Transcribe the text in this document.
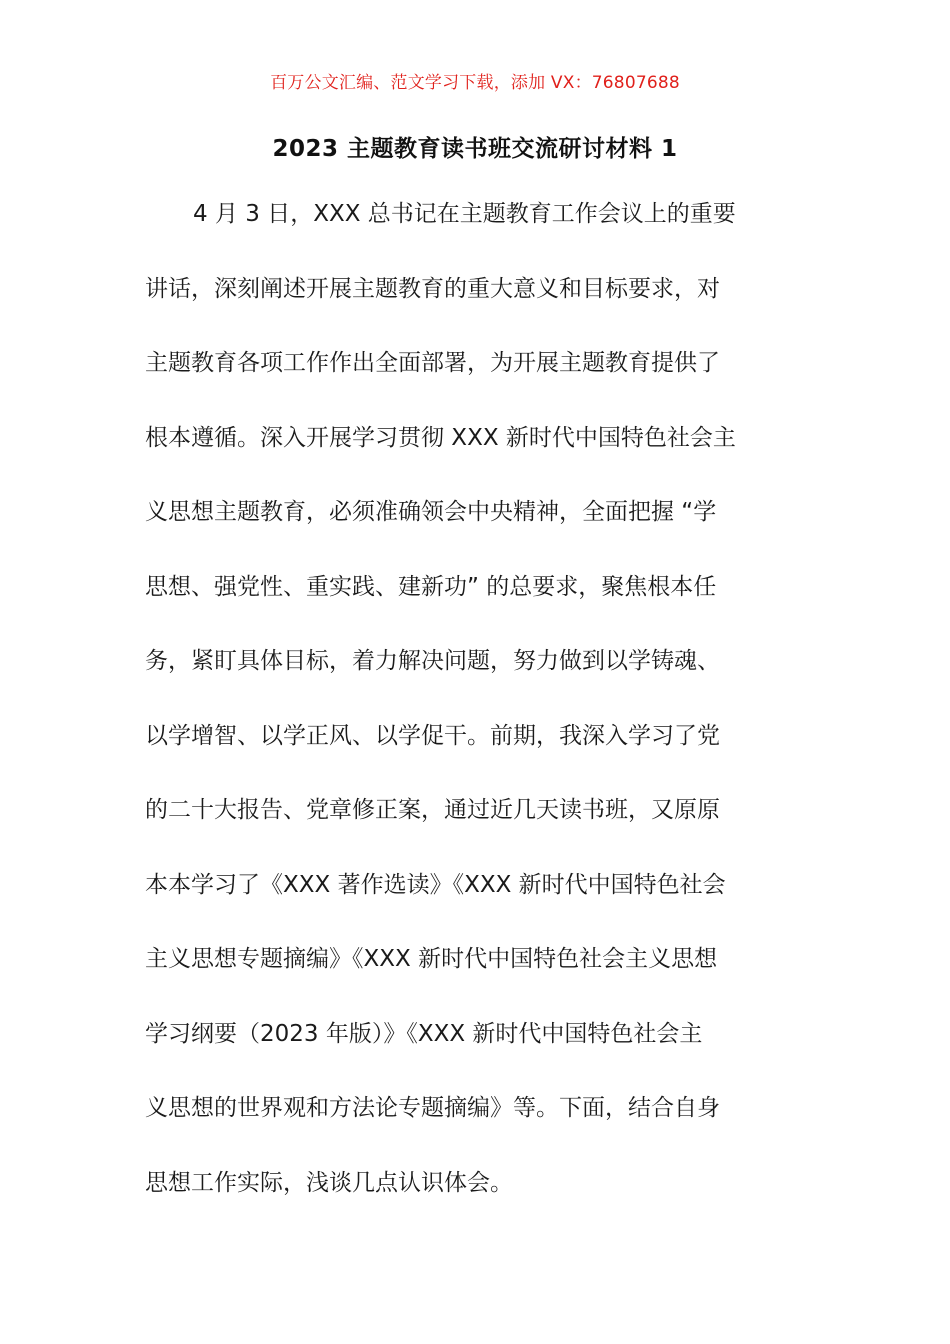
百万公文汇编、范文学习下载，添加 VX：76807688
2023 主题教育读书班交流研讨材料 1
4 月 3 日，XXX 总书记在主题教育工作会议上的重要
讲话，深刻阐述开展主题教育的重大意义和目标要求，对
主题教育各项工作作出全面部署，为开展主题教育提供了
根本遵循。深入开展学习贯彻 XXX 新时代中国特色社会主
义思想主题教育，必须准确领会中央精神，全面把握 “学
思想、强党性、重实践、建新功” 的总要求，聚焦根本任
务，紧盯具体目标，着力解决问题，努力做到以学铸魂、
以学增智、以学正风、以学促干。前期，我深入学习了党
的二十大报告、党章修正案，通过近几天读书班，又原原
本本学习了《XXX 著作选读》《XXX 新时代中国特色社会
主义思想专题摘编》《XXX 新时代中国特色社会主义思想
学习纲要（2023 年版）》《XXX 新时代中国特色社会主
义思想的世界观和方法论专题摘编》等。下面，结合自身
思想工作实际，浅谈几点认识体会。
